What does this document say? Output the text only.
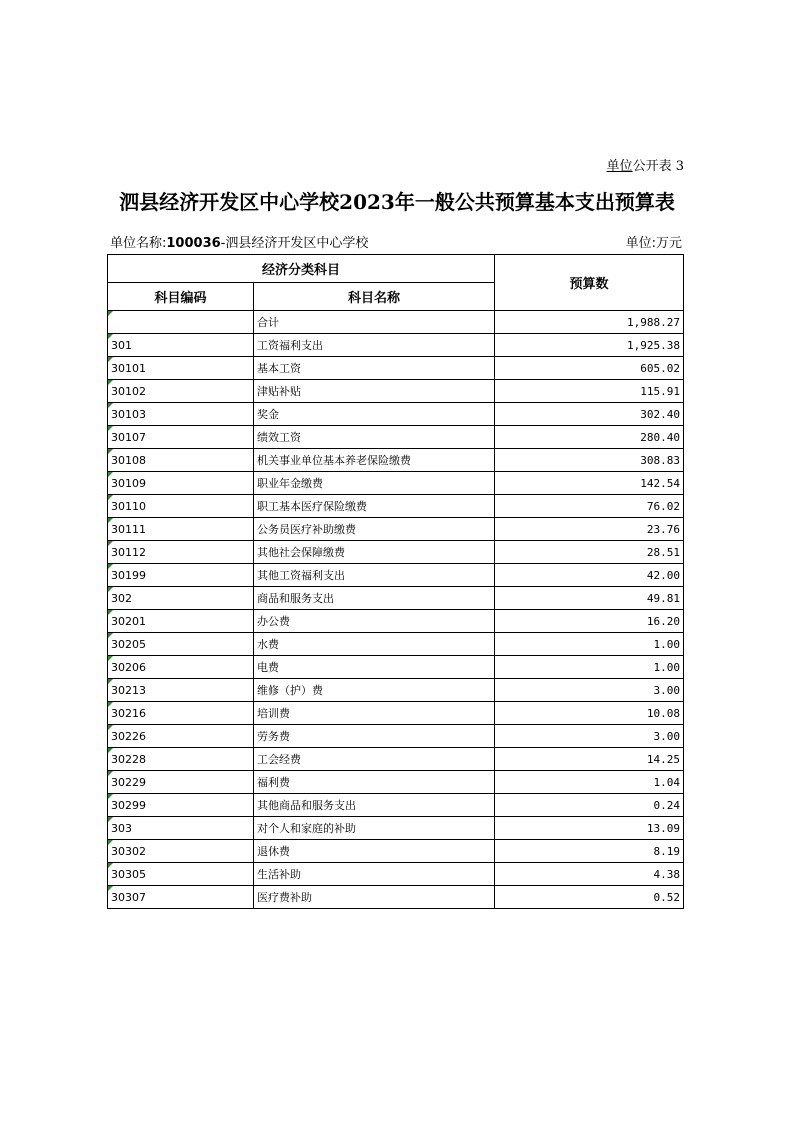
单位公开表 3
泗县经济开发区中心学校2023年一般公共预算基本支出预算表
单位名称:100036-泗县经济开发区中心学校	单位:万元
经济分类科目		预算数
科目编码	科目名称	
	合计	1,988.27
301	工资福利支出	1,925.38
30101	基本工资	605.02
30102	津贴补贴	115.91
30103	奖金	302.40
30107	绩效工资	280.40
30108	机关事业单位基本养老保险缴费	308.83
30109	职业年金缴费	142.54
30110	职工基本医疗保险缴费	76.02
30111	公务员医疗补助缴费	23.76
30112	其他社会保障缴费	28.51
30199	其他工资福利支出	42.00
302	商品和服务支出	49.81
30201	办公费	16.20
30205	水费	1.00
30206	电费	1.00
30213	维修（护）费	3.00
30216	培训费	10.08
30226	劳务费	3.00
30228	工会经费	14.25
30229	福利费	1.04
30299	其他商品和服务支出	0.24
303	对个人和家庭的补助	13.09
30302	退休费	8.19
30305	生活补助	4.38
30307	医疗费补助	0.52
